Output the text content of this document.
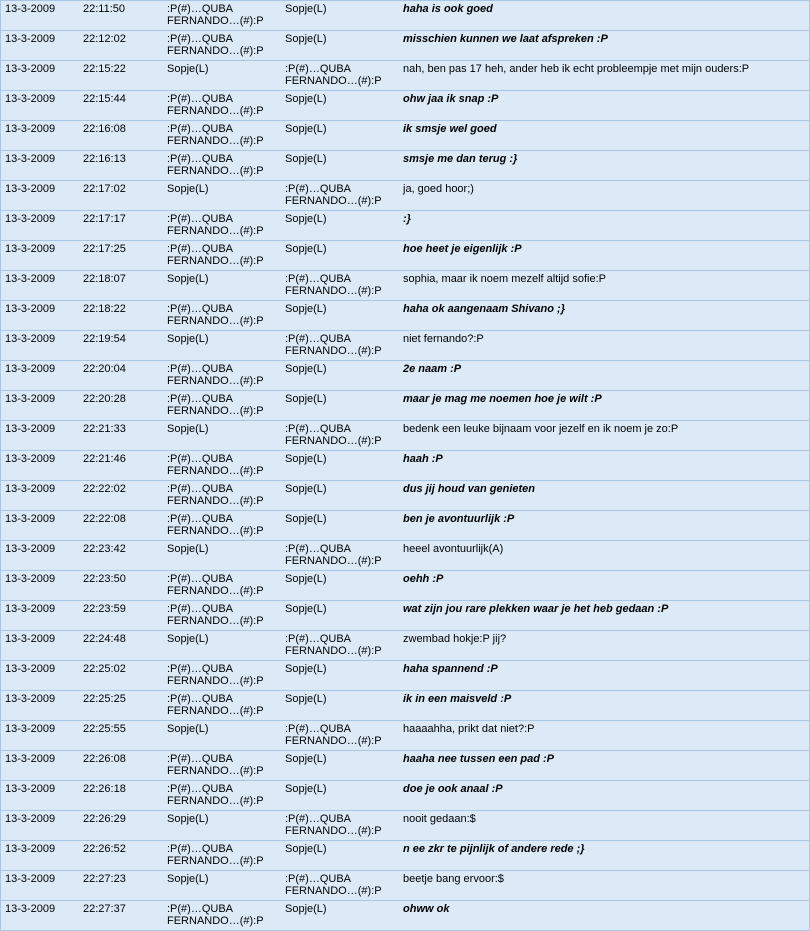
13-3-2009	22:11:50	:P(#)…QUBA FERNANDO…(#):P	Sopje(L)	haha is ook goed
13-3-2009	22:12:02	:P(#)…QUBA FERNANDO…(#):P	Sopje(L)	misschien kunnen we laat afspreken :P
13-3-2009	22:15:22	Sopje(L)	:P(#)…QUBA FERNANDO…(#):P	nah, ben pas 17 heh, ander heb ik echt probleempje met mijn ouders:P
13-3-2009	22:15:44	:P(#)…QUBA FERNANDO…(#):P	Sopje(L)	ohw jaa ik snap :P
13-3-2009	22:16:08	:P(#)…QUBA FERNANDO…(#):P	Sopje(L)	ik smsje wel goed
13-3-2009	22:16:13	:P(#)…QUBA FERNANDO…(#):P	Sopje(L)	smsje me dan terug :}
13-3-2009	22:17:02	Sopje(L)	:P(#)…QUBA FERNANDO…(#):P	ja, goed hoor;)
13-3-2009	22:17:17	:P(#)…QUBA FERNANDO…(#):P	Sopje(L)	:}
13-3-2009	22:17:25	:P(#)…QUBA FERNANDO…(#):P	Sopje(L)	hoe heet je eigenlijk :P
13-3-2009	22:18:07	Sopje(L)	:P(#)…QUBA FERNANDO…(#):P	sophia, maar ik noem mezelf altijd sofie:P
13-3-2009	22:18:22	:P(#)…QUBA FERNANDO…(#):P	Sopje(L)	haha ok aangenaam Shivano ;}
13-3-2009	22:19:54	Sopje(L)	:P(#)…QUBA FERNANDO…(#):P	niet fernando?:P
13-3-2009	22:20:04	:P(#)…QUBA FERNANDO…(#):P	Sopje(L)	2e naam :P
13-3-2009	22:20:28	:P(#)…QUBA FERNANDO…(#):P	Sopje(L)	maar je mag me noemen hoe je wilt :P
13-3-2009	22:21:33	Sopje(L)	:P(#)…QUBA FERNANDO…(#):P	bedenk een leuke bijnaam voor jezelf en ik noem je zo:P
13-3-2009	22:21:46	:P(#)…QUBA FERNANDO…(#):P	Sopje(L)	haah :P
13-3-2009	22:22:02	:P(#)…QUBA FERNANDO…(#):P	Sopje(L)	dus jij houd van genieten
13-3-2009	22:22:08	:P(#)…QUBA FERNANDO…(#):P	Sopje(L)	ben je avontuurlijk :P
13-3-2009	22:23:42	Sopje(L)	:P(#)…QUBA FERNANDO…(#):P	heeel avontuurlijk(A)
13-3-2009	22:23:50	:P(#)…QUBA FERNANDO…(#):P	Sopje(L)	oehh :P
13-3-2009	22:23:59	:P(#)…QUBA FERNANDO…(#):P	Sopje(L)	wat zijn jou rare plekken waar je het heb gedaan :P
13-3-2009	22:24:48	Sopje(L)	:P(#)…QUBA FERNANDO…(#):P	zwembad hokje:P jij?
13-3-2009	22:25:02	:P(#)…QUBA FERNANDO…(#):P	Sopje(L)	haha spannend :P
13-3-2009	22:25:25	:P(#)…QUBA FERNANDO…(#):P	Sopje(L)	ik in een maisveld :P
13-3-2009	22:25:55	Sopje(L)	:P(#)…QUBA FERNANDO…(#):P	haaaahha, prikt dat niet?:P
13-3-2009	22:26:08	:P(#)…QUBA FERNANDO…(#):P	Sopje(L)	haaha nee tussen een pad :P
13-3-2009	22:26:18	:P(#)…QUBA FERNANDO…(#):P	Sopje(L)	doe je ook anaal :P
13-3-2009	22:26:29	Sopje(L)	:P(#)…QUBA FERNANDO…(#):P	nooit gedaan:$
13-3-2009	22:26:52	:P(#)…QUBA FERNANDO…(#):P	Sopje(L)	n ee zkr te pijnlijk of andere rede ;}
13-3-2009	22:27:23	Sopje(L)	:P(#)…QUBA FERNANDO…(#):P	beetje bang ervoor:$
13-3-2009	22:27:37	:P(#)…QUBA FERNANDO…(#):P	Sopje(L)	ohww ok
